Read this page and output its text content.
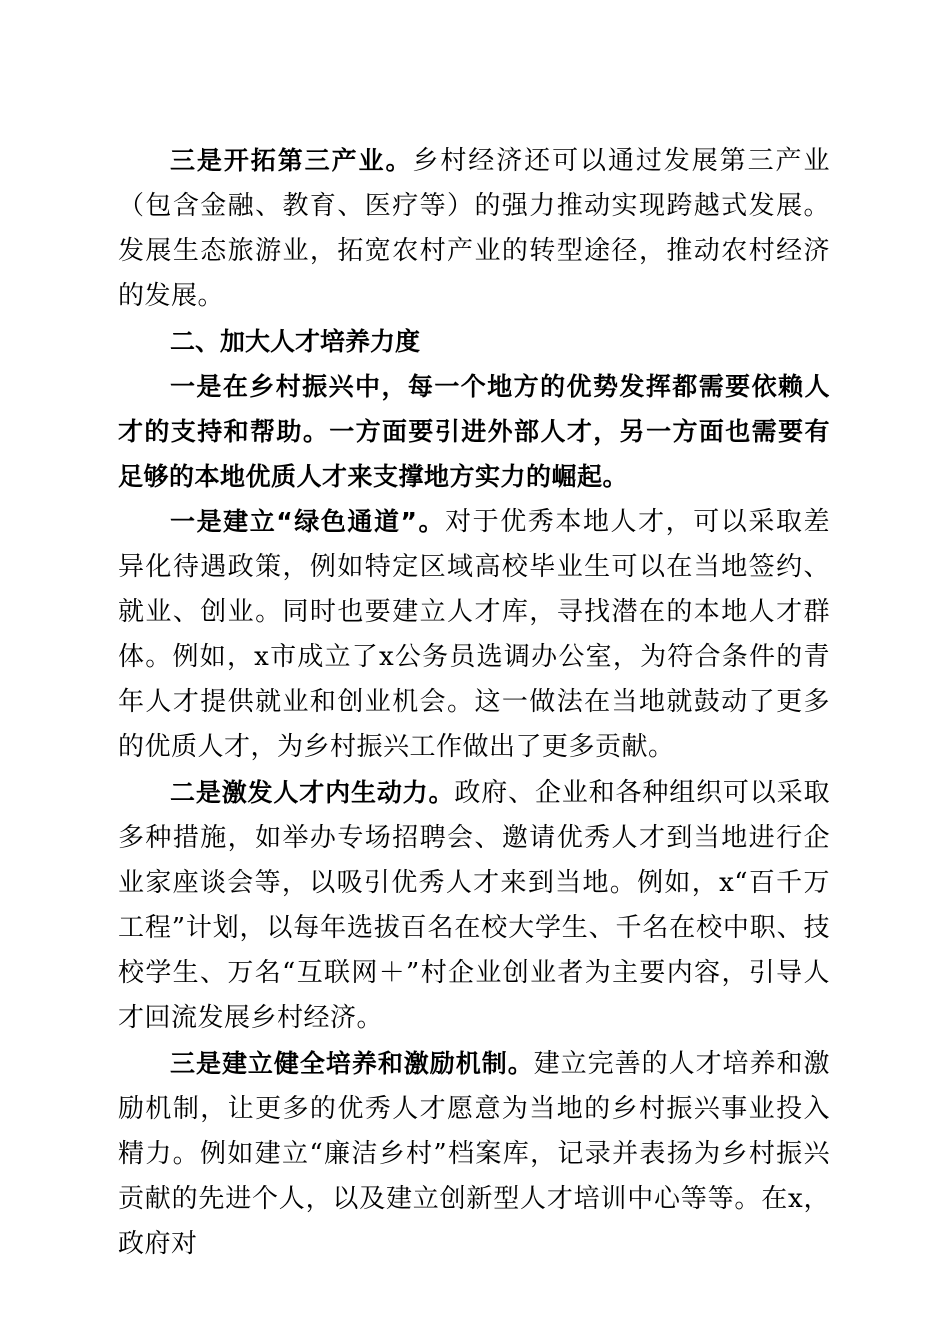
三是开拓第三产业。乡村经济还可以通过发展第三产业（包含金融、教育、医疗等）的强力推动实现跨越式发展。发展生态旅游业，拓宽农村产业的转型途径，推动农村经济的发展。

二、加大人才培养力度

一是在乡村振兴中，每一个地方的优势发挥都需要依赖人才的支持和帮助。一方面要引进外部人才，另一方面也需要有足够的本地优质人才来支撑地方实力的崛起。

一是建立“绿色通道”。对于优秀本地人才，可以采取差异化待遇政策，例如特定区域高校毕业生可以在当地签约、就业、创业。同时也要建立人才库，寻找潜在的本地人才群体。例如，x市成立了x公务员选调办公室，为符合条件的青年人才提供就业和创业机会。这一做法在当地就鼓动了更多的优质人才，为乡村振兴工作做出了更多贡献。

二是激发人才内生动力。政府、企业和各种组织可以采取多种措施，如举办专场招聘会、邀请优秀人才到当地进行企业家座谈会等，以吸引优秀人才来到当地。例如，x“百千万工程”计划，以每年选拔百名在校大学生、千名在校中职、技校学生、万名“互联网＋”村企业创业者为主要内容，引导人才回流发展乡村经济。

三是建立健全培养和激励机制。建立完善的人才培养和激励机制，让更多的优秀人才愿意为当地的乡村振兴事业投入精力。例如建立“廉洁乡村”档案库，记录并表扬为乡村振兴贡献的先进个人，以及建立创新型人才培训中心等等。在x，政府对
